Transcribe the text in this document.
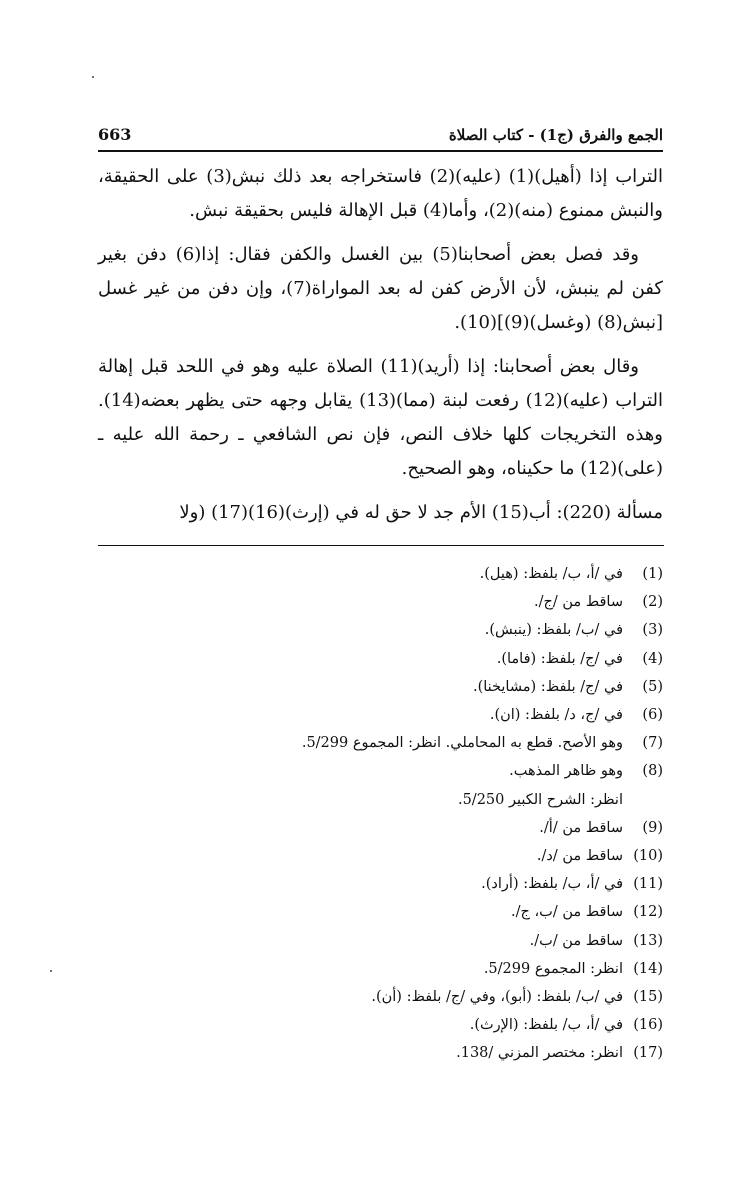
الجمع والفرق (ج1) - كتاب الصلاة
663

التراب إذا (أهيل)(1) (عليه)(2) فاستخراجه بعد ذلك نبش(3) على الحقيقة، والنبش ممنوع (منه)(2)، وأما(4) قبل الإهالة فليس بحقيقة نبش.

وقد فصل بعض أصحابنا(5) بين الغسل والكفن فقال: إذا(6) دفن بغير كفن لم ينبش، لأن الأرض كفن له بعد المواراة(7)، وإن دفن من غير غسل [نبش(8) (وغسل)(9)](10).

وقال بعض أصحابنا: إذا (أريد)(11) الصلاة عليه وهو في اللحد قبل إهالة التراب (عليه)(12) رفعت لبنة (مما)(13) يقابل وجهه حتى يظهر بعضه(14). وهذه التخريجات كلها خلاف النص، فإن نص الشافعي ـ رحمة الله عليه ـ (على)(12) ما حكيناه، وهو الصحيح.

مسألة (220): أب(15) الأم جد لا حق له في (إرث)(16)(17) (ولا

(1)
في /أ، ب/ بلفظ: (هيل).
(2)
ساقط من /ج/.
(3)
في /ب/ بلفظ: (ينبش).
(4)
في /ج/ بلفظ: (فاما).
(5)
في /ج/ بلفظ: (مشايخنا).
(6)
في /ج، د/ بلفظ: (ان).
(7)
وهو الأصح. قطع به المحاملي. انظر: المجموع 5/299.
(8)
وهو ظاهر المذهب.
انظر: الشرح الكبير 5/250.
(9)
ساقط من /أ/.
(10)
ساقط من /د/.
(11)
في /أ، ب/ بلفظ: (أراد).
(12)
ساقط من /ب، ج/.
(13)
ساقط من /ب/.
(14)
انظر: المجموع 5/299.
(15)
في /ب/ بلفظ: (أبو)، وفي /ج/ بلفظ: (أن).
(16)
في /أ، ب/ بلفظ: (الإرث).
(17)
انظر: مختصر المزني /138.
